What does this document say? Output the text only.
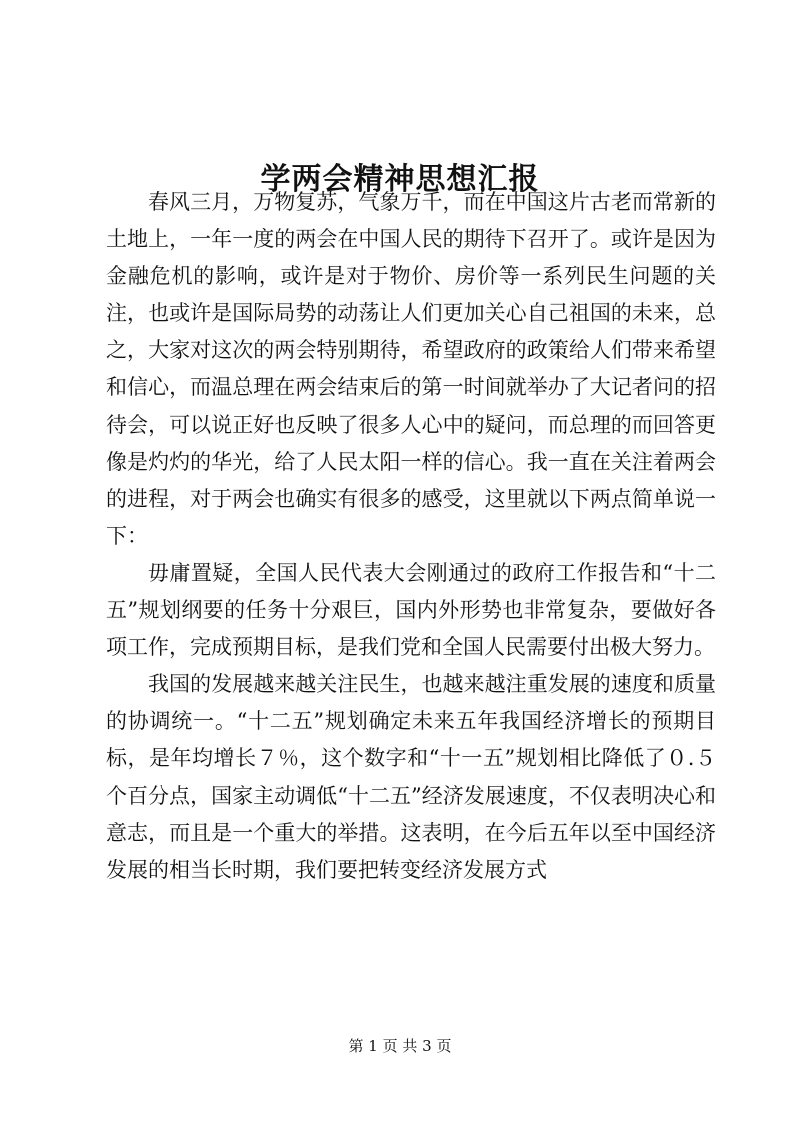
学两会精神思想汇报

春风三月，万物复苏，气象万千，而在中国这片古老而常新的土地上，一年一度的两会在中国人民的期待下召开了。或许是因为金融危机的影响，或许是对于物价、房价等一系列民生问题的关注，也或许是国际局势的动荡让人们更加关心自己祖国的未来，总之，大家对这次的两会特别期待，希望政府的政策给人们带来希望和信心，而温总理在两会结束后的第一时间就举办了大记者问的招待会，可以说正好也反映了很多人心中的疑问，而总理的而回答更像是灼灼的华光，给了人民太阳一样的信心。我一直在关注着两会的进程，对于两会也确实有很多的感受，这里就以下两点简单说一下：

毋庸置疑，全国人民代表大会刚通过的政府工作报告和“十二五”规划纲要的任务十分艰巨，国内外形势也非常复杂，要做好各项工作，完成预期目标，是我们党和全国人民需要付出极大努力。

我国的发展越来越关注民生，也越来越注重发展的速度和质量的协调统一。“十二五”规划确定未来五年我国经济增长的预期目标，是年均增长７％，这个数字和“十一五”规划相比降低了０.５个百分点，国家主动调低“十二五”经济发展速度，不仅表明决心和意志，而且是一个重大的举措。这表明，在今后五年以至中国经济发展的相当长时期，我们要把转变经济发展方式

第 1 页 共 3 页
